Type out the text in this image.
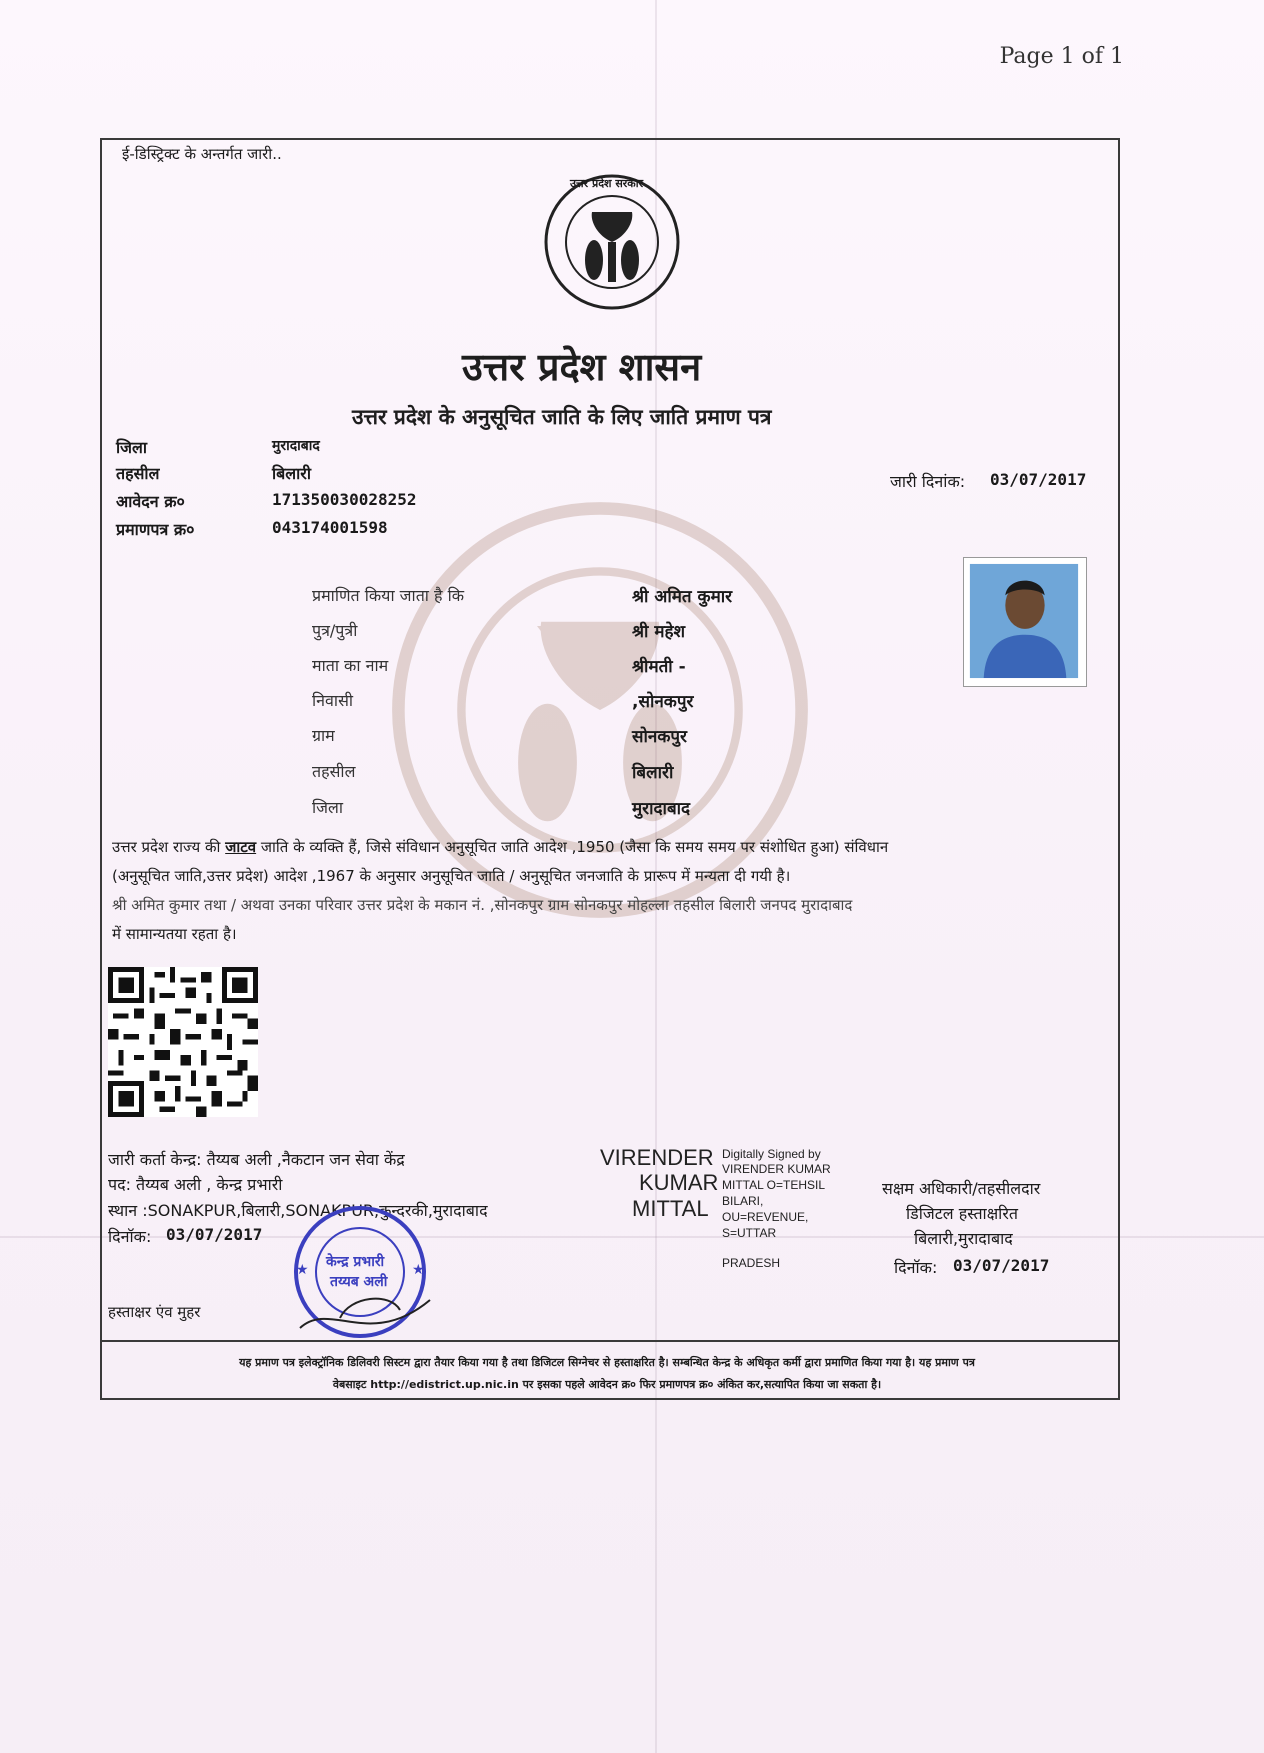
Page 1 of 1
ई-डिस्ट्रिक्ट के अन्तर्गत जारी..
उत्तर प्रदेश सरकार
उत्तर प्रदेश शासन
उत्तर प्रदेश के अनुसूचित जाति के लिए जाति प्रमाण पत्र
जिला	मुरादाबाद
तहसील	बिलारी
आवेदन क्र०	171350030028252
प्रमाणपत्र क्र०	043174001598
जारी दिनांक: 03/07/2017
प्रमाणित किया जाता है कि	श्री अमित कुमार
पुत्र/पुत्री	श्री महेश
माता का नाम	श्रीमती -
निवासी	,सोनकपुर
ग्राम	सोनकपुर
तहसील	बिलारी
जिला	मुरादाबाद
उत्तर प्रदेश राज्य की जाटव जाति के व्यक्ति हैं, जिसे संविधान अनुसूचित जाति आदेश ,1950 (जैसा कि समय समय पर संशोधित हुआ) संविधान
(अनुसूचित जाति,उत्तर प्रदेश) आदेश ,1967 के अनुसार अनुसूचित जाति / अनुसूचित जनजाति के प्रारूप में मन्यता दी गयी है।
श्री अमित कुमार तथा / अथवा उनका परिवार उत्तर प्रदेश के मकान नं. ,सोनकपुर ग्राम सोनकपुर मोहल्ला तहसील बिलारी जनपद मुरादाबाद
में सामान्यतया रहता है।
जारी कर्ता केन्द्र: तैय्यब अली ,नैकटान जन सेवा केंद्र
पद: तैय्यब अली , केन्द्र प्रभारी
स्थान :SONAKPUR,बिलारी,SONAKPUR,कुन्दरकी,मुरादाबाद
दिनॉक: 03/07/2017
हस्ताक्षर एंव मुहर
★	★
केन्द्र प्रभारी
तय्यब अली
VIRENDER
KUMAR
MITTAL
Digitally Signed by
VIRENDER KUMAR
MITTAL O=TEHSIL
BILARI,
OU=REVENUE,
S=UTTAR
PRADESH
सक्षम अधिकारी/तहसीलदार
डिजिटल हस्ताक्षरित
बिलारी,मुरादाबाद
दिनॉक: 03/07/2017
यह प्रमाण पत्र इलेक्ट्रॉनिक डिलिवरी सिस्टम द्वारा तैयार किया गया है तथा डिजिटल सिग्नेचर से हस्ताक्षरित है। सम्बन्धित केन्द्र के अधिकृत कर्मी द्वारा प्रमाणित किया गया है। यह प्रमाण पत्र
वेबसाइट http://edistrict.up.nic.in पर इसका पहले आवेदन क्र० फिर प्रमाणपत्र क्र० अंकित कर,सत्यापित किया जा सकता है।
